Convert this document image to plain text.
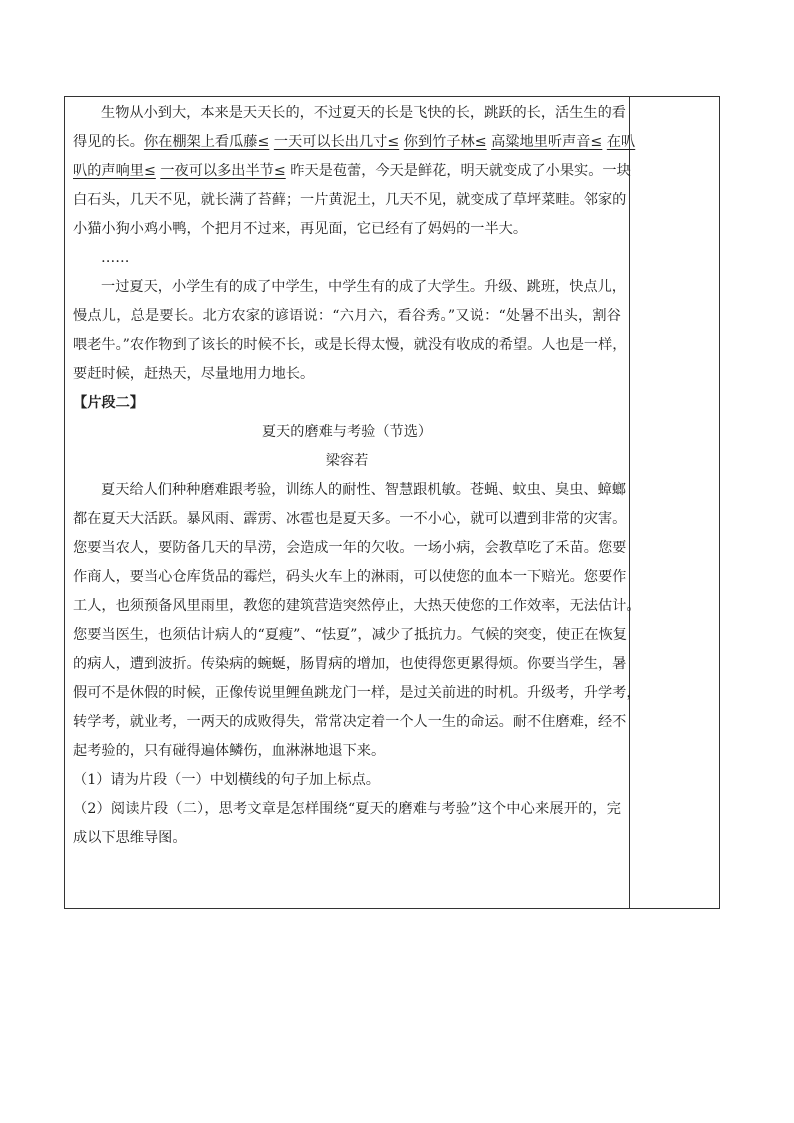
生物从小到大，本来是天天长的，不过夏天的长是飞快的长，跳跃的长，活生生的看
得见的长。你在棚架上看瓜藤≤ 一天可以长出几寸≤ 你到竹子林≤ 高粱地里听声音≤ 在叭
叭的声响里≤ 一夜可以多出半节≤ 昨天是苞蕾，今天是鲜花，明天就变成了小果实。一块
白石头，几天不见，就长满了苔藓；一片黄泥土，几天不见，就变成了草坪菜畦。邻家的
小猫小狗小鸡小鸭，个把月不过来，再见面，它已经有了妈妈的一半大。
……
一过夏天，小学生有的成了中学生，中学生有的成了大学生。升级、跳班，快点儿，
慢点儿，总是要长。北方农家的谚语说：“六月六，看谷秀。”又说：“处暑不出头，割谷
喂老牛。”农作物到了该长的时候不长，或是长得太慢，就没有收成的希望。人也是一样，
要赶时候，赶热天，尽量地用力地长。
【片段二】
夏天的磨难与考验（节选）
梁容若
夏天给人们种种磨难跟考验，训练人的耐性、智慧跟机敏。苍蝇、蚊虫、臭虫、蟑螂
都在夏天大活跃。暴风雨、霹雳、冰雹也是夏天多。一不小心，就可以遭到非常的灾害。
您要当农人，要防备几天的旱涝，会造成一年的欠收。一场小病，会教草吃了禾苗。您要
作商人，要当心仓库货品的霉烂，码头火车上的淋雨，可以使您的血本一下赔光。您要作
工人，也须预备风里雨里，教您的建筑营造突然停止，大热天使您的工作效率，无法估计。
您要当医生，也须估计病人的“夏瘦”、“怯夏”，减少了抵抗力。气候的突变，使正在恢复
的病人，遭到波折。传染病的蜿蜒，肠胃病的增加，也使得您更累得烦。你要当学生，暑
假可不是休假的时候，正像传说里鲤鱼跳龙门一样，是过关前进的时机。升级考，升学考，
转学考，就业考，一两天的成败得失，常常决定着一个人一生的命运。耐不住磨难，经不
起考验的，只有碰得遍体鳞伤，血淋淋地退下来。
（1）请为片段（一）中划横线的句子加上标点。
（2）阅读片段（二），思考文章是怎样围绕“夏天的磨难与考验”这个中心来展开的，完
成以下思维导图。
